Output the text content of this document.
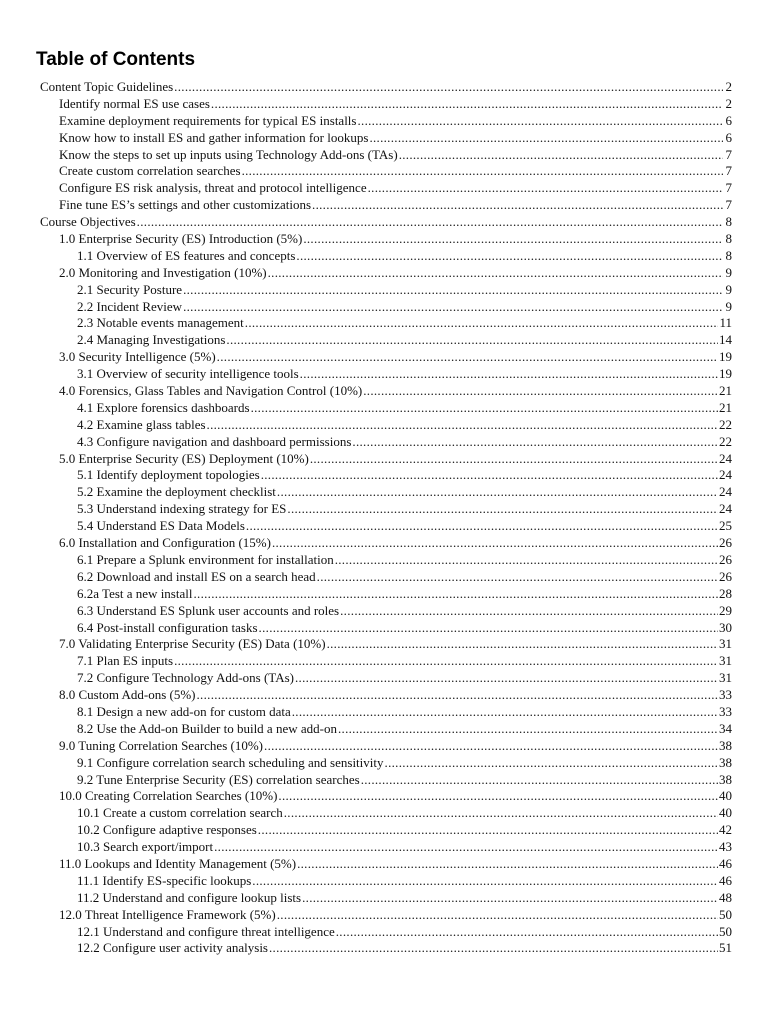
Table of Contents
Content Topic Guidelines .....	2
Identify normal ES use cases .....	2
Examine deployment requirements for typical ES installs .....	6
Know how to install ES and gather information for lookups .....	6
Know the steps to set up inputs using Technology Add-ons (TAs) .....	7
Create custom correlation searches .....	7
Configure ES risk analysis, threat and protocol intelligence .....	7
Fine tune ES’s settings and other customizations .....	7
Course Objectives .....	8
1.0 Enterprise Security (ES) Introduction (5%) .....	8
1.1 Overview of ES features and concepts .....	8
2.0 Monitoring and Investigation (10%) .....	9
2.1 Security Posture .....	9
2.2 Incident Review .....	9
2.3 Notable events management .....	11
2.4 Managing Investigations .....	14
3.0 Security Intelligence (5%) .....	19
3.1 Overview of security intelligence tools .....	19
4.0 Forensics, Glass Tables and Navigation Control (10%) .....	21
4.1 Explore forensics dashboards .....	21
4.2 Examine glass tables .....	22
4.3 Configure navigation and dashboard permissions .....	22
5.0 Enterprise Security (ES) Deployment (10%) .....	24
5.1 Identify deployment topologies .....	24
5.2 Examine the deployment checklist .....	24
5.3 Understand indexing strategy for ES .....	24
5.4 Understand ES Data Models .....	25
6.0 Installation and Configuration (15%) .....	26
6.1 Prepare a Splunk environment for installation .....	26
6.2 Download and install ES on a search head .....	26
6.2a Test a new install .....	28
6.3 Understand ES Splunk user accounts and roles .....	29
6.4 Post-install configuration tasks .....	30
7.0 Validating Enterprise Security (ES) Data (10%) .....	31
7.1 Plan ES inputs .....	31
7.2 Configure Technology Add-ons (TAs) .....	31
8.0 Custom Add-ons (5%) .....	33
8.1 Design a new add-on for custom data .....	33
8.2 Use the Add-on Builder to build a new add-on .....	34
9.0 Tuning Correlation Searches (10%) .....	38
9.1 Configure correlation search scheduling and sensitivity .....	38
9.2 Tune Enterprise Security (ES) correlation searches .....	38
10.0 Creating Correlation Searches (10%) .....	40
10.1 Create a custom correlation search .....	40
10.2 Configure adaptive responses .....	42
10.3 Search export/import .....	43
11.0 Lookups and Identity Management (5%) .....	46
11.1 Identify ES-specific lookups .....	46
11.2 Understand and configure lookup lists .....	48
12.0 Threat Intelligence Framework (5%) .....	50
12.1 Understand and configure threat intelligence .....	50
12.2 Configure user activity analysis .....	51
